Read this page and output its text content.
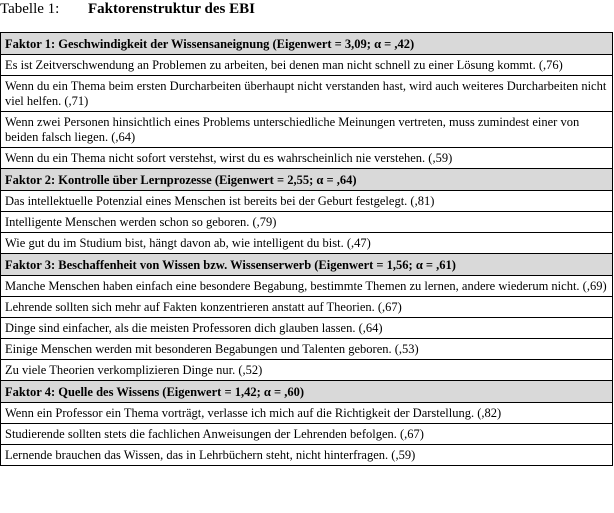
Tabelle 1: Faktorenstruktur des EBI
Faktor 1: Geschwindigkeit der Wissensaneignung (Eigenwert = 3,09; α = ,42)
Es ist Zeitverschwendung an Problemen zu arbeiten, bei denen man nicht schnell zu einer Lösung kommt. (,76)
Wenn du ein Thema beim ersten Durcharbeiten überhaupt nicht verstanden hast, wird auch weiteres Durcharbeiten nicht viel helfen. (,71)
Wenn zwei Personen hinsichtlich eines Problems unterschiedliche Meinungen vertreten, muss zumindest einer von beiden falsch liegen. (,64)
Wenn du ein Thema nicht sofort verstehst, wirst du es wahrscheinlich nie verstehen. (,59)
Faktor 2: Kontrolle über Lernprozesse (Eigenwert = 2,55; α = ,64)
Das intellektuelle Potenzial eines Menschen ist bereits bei der Geburt festgelegt. (,81)
Intelligente Menschen werden schon so geboren. (,79)
Wie gut du im Studium bist, hängt davon ab, wie intelligent du bist. (,47)
Faktor 3: Beschaffenheit von Wissen bzw. Wissenserwerb (Eigenwert = 1,56; α = ,61)
Manche Menschen haben einfach eine besondere Begabung, bestimmte Themen zu lernen, andere wiederum nicht. (,69)
Lehrende sollten sich mehr auf Fakten konzentrieren anstatt auf Theorien. (,67)
Dinge sind einfacher, als die meisten Professoren dich glauben lassen. (,64)
Einige Menschen werden mit besonderen Begabungen und Talenten geboren. (,53)
Zu viele Theorien verkomplizieren Dinge nur. (,52)
Faktor 4: Quelle des Wissens (Eigenwert = 1,42; α = ,60)
Wenn ein Professor ein Thema vorträgt, verlasse ich mich auf die Richtigkeit der Darstellung. (,82)
Studierende sollten stets die fachlichen Anweisungen der Lehrenden befolgen. (,67)
Lernende brauchen das Wissen, das in Lehrbüchern steht, nicht hinterfragen. (,59)
